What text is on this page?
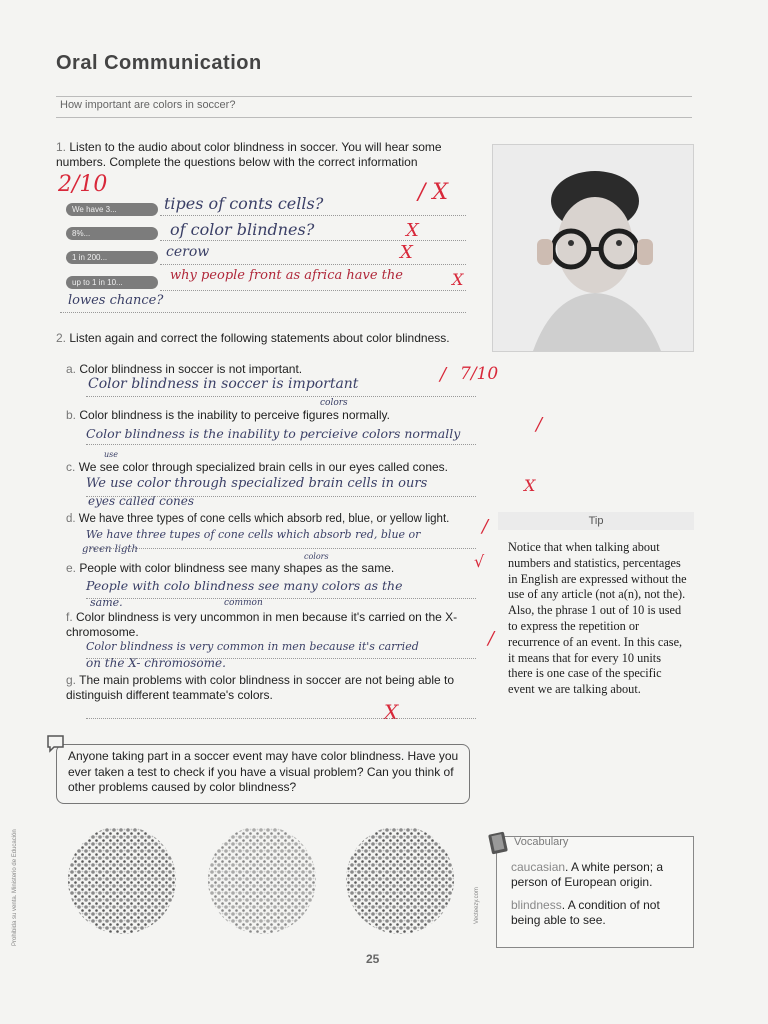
Oral Communication
How important are colors in soccer?
1. Listen to the audio about color blindness in soccer. You will hear some numbers. Complete the questions below with the correct information
2/10
We have 3...	tipes of conts cells?	/ X
8%...	of color blindnes?	X
1 in 200...	cerow	X
up to 1 in 10...	why people front as africa have the	X
lowes chance?
2. Listen again and correct the following statements about color blindness.
a. Color blindness in soccer is not important.
Color blindness in soccer is important	/ 7/10
b. Color blindness is the inability to perceive figures normally.
colors
Color blindness is the inability to percieive colors normally	/
c. We see color through specialized brain cells in our eyes called cones.
use
We use color through specialized brain cells in ours	X
eyes called cones
d. We have three types of cone cells which absorb red, blue, or yellow light.
We have three tupes of cone cells which absorb red, blue or	/
green ligth
e. People with color blindness see many shapes as the same.
colors	√
People with colo blindness see many colors as the
same.	common
f. Color blindness is very uncommon in men because it's carried on the X-chromosome.
Color blindness is very common in men because it's carried	/
on the X- chromosome.
g. The main problems with color blindness in soccer are not being able to distinguish different teammate's colors.
X
Tip
Notice that when talking about numbers and statistics, percentages in English are expressed without the use of any article (not a(n), not the). Also, the phrase 1 out of 10 is used to express the repetition or recurrence of an event. In this case, it means that for every 10 units there is one case of the specific event we are talking about.
Anyone taking part in a soccer event may have color blindness. Have you ever taken a test to check if you have a visual problem? Can you think of other problems caused by color blindness?
Vocabulary
caucasian. A white person; a person of European origin.
blindness. A condition of not being able to see.
Prohibida su venta. Ministerio de Educación	Vecteezy.com
25
